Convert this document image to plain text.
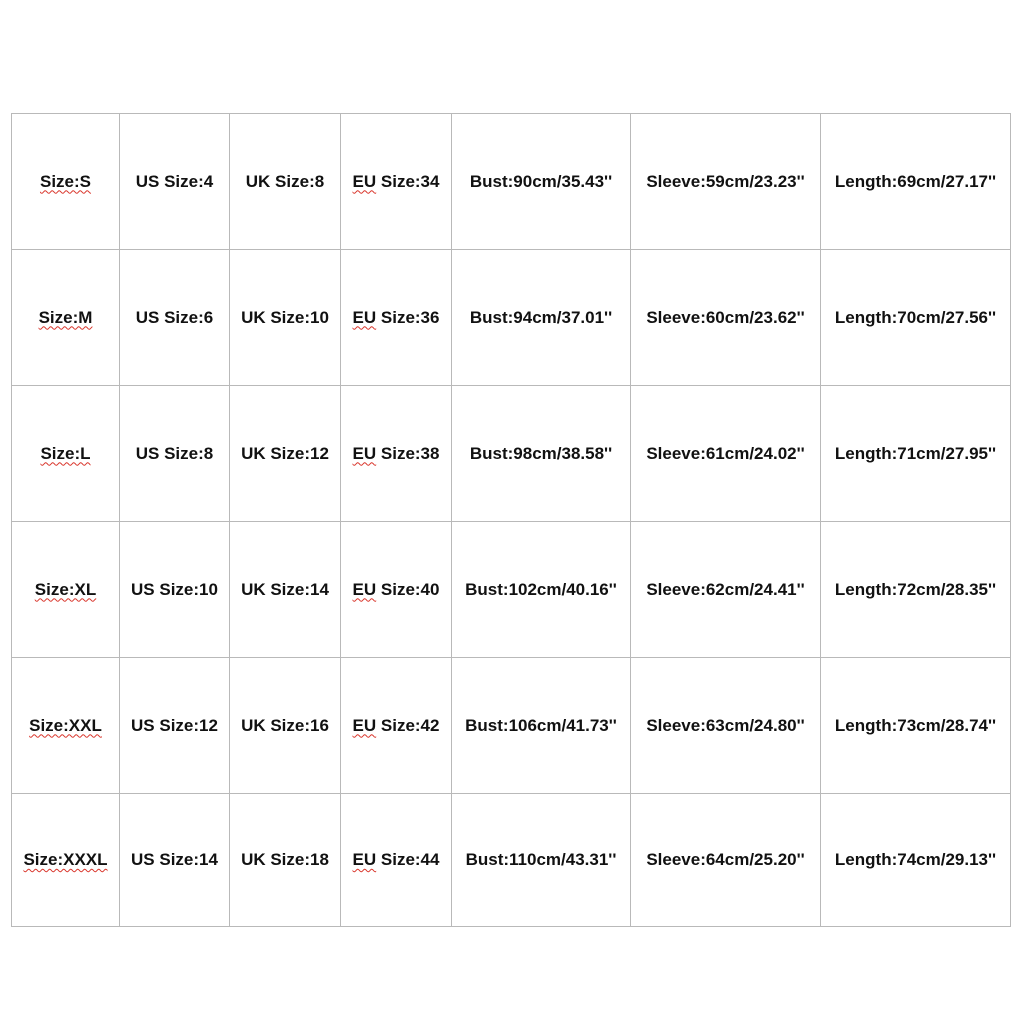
Size:S	US Size:4	UK Size:8	EU Size:34	Bust:90cm/35.43''	Sleeve:59cm/23.23''	Length:69cm/27.17''
Size:M	US Size:6	UK Size:10	EU Size:36	Bust:94cm/37.01''	Sleeve:60cm/23.62''	Length:70cm/27.56''
Size:L	US Size:8	UK Size:12	EU Size:38	Bust:98cm/38.58''	Sleeve:61cm/24.02''	Length:71cm/27.95''
Size:XL	US Size:10	UK Size:14	EU Size:40	Bust:102cm/40.16''	Sleeve:62cm/24.41''	Length:72cm/28.35''
Size:XXL	US Size:12	UK Size:16	EU Size:42	Bust:106cm/41.73''	Sleeve:63cm/24.80''	Length:73cm/28.74''
Size:XXXL	US Size:14	UK Size:18	EU Size:44	Bust:110cm/43.31''	Sleeve:64cm/25.20''	Length:74cm/29.13''
